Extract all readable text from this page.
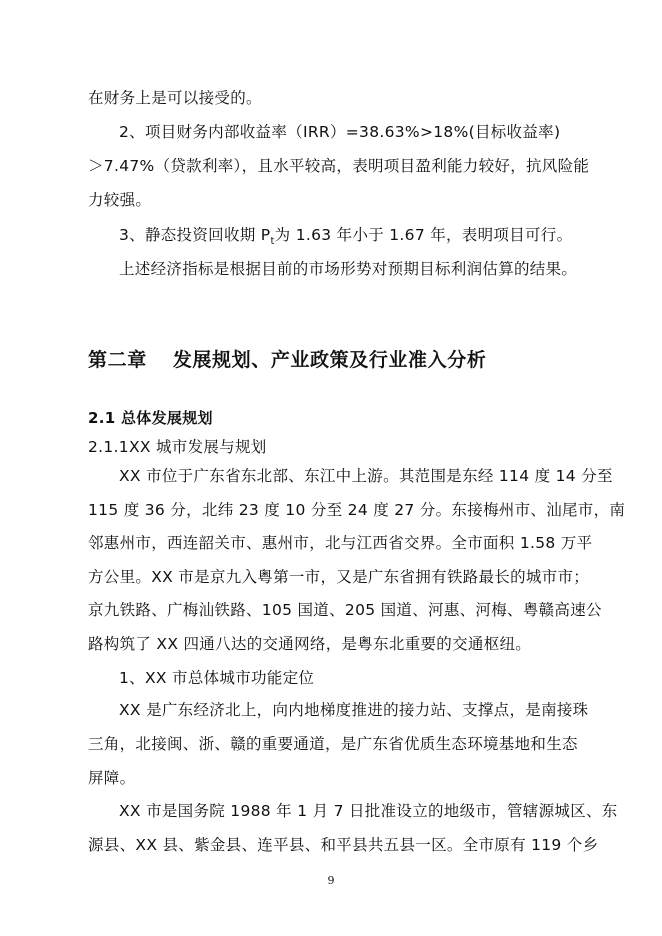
在财务上是可以接受的。
2、项目财务内部收益率（IRR）=38.63%>18%(目标收益率)
＞7.47%（贷款利率），且水平较高，表明项目盈利能力较好，抗风险能
力较强。
3、静态投资回收期 $P_t$为 1.63 年小于 1.67 年，表明项目可行。
上述经济指标是根据目前的市场形势对预期目标利润估算的结果。
第二章 发展规划、产业政策及行业准入分析
2.1 总体发展规划
2.1.1XX 城市发展与规划
XX 市位于广东省东北部、东江中上游。其范围是东经 114 度 14 分至
115 度 36 分，北纬 23 度 10 分至 24 度 27 分。东接梅州市、汕尾市，南
邻惠州市，西连韶关市、惠州市，北与江西省交界。全市面积 1.58 万平
方公里。XX 市是京九入粤第一市，又是广东省拥有铁路最长的城市市；
京九铁路、广梅汕铁路、105 国道、205 国道、河惠、河梅、粤赣高速公
路构筑了 XX 四通八达的交通网络，是粤东北重要的交通枢纽。
1、XX 市总体城市功能定位
XX 是广东经济北上，向内地梯度推进的接力站、支撑点，是南接珠
三角，北接闽、浙、赣的重要通道，是广东省优质生态环境基地和生态
屏障。
XX 市是国务院 1988 年 1 月 7 日批准设立的地级市，管辖源城区、东
源县、XX 县、紫金县、连平县、和平县共五县一区。全市原有 119 个乡
9
